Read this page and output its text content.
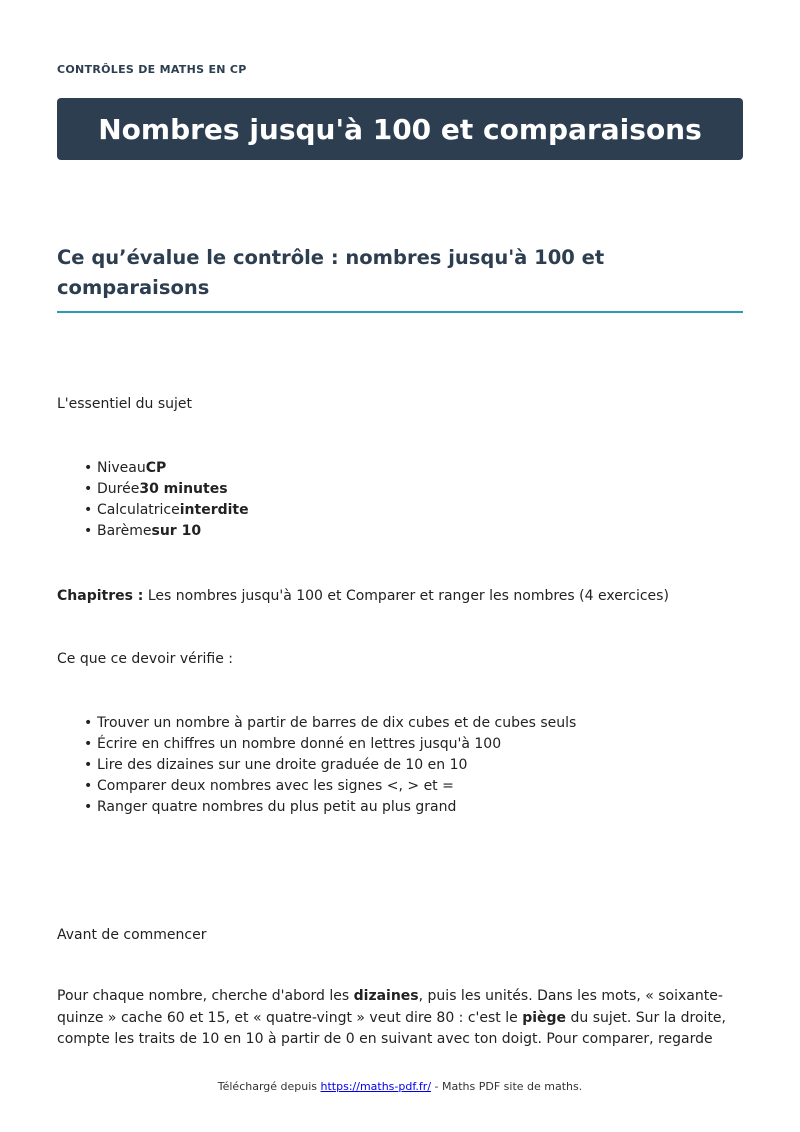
CONTRÔLES DE MATHS EN CP
Nombres jusqu'à 100 et comparaisons
Ce qu’évalue le contrôle : nombres jusqu'à 100 et comparaisons

L'essentiel du sujet

• NiveauCP
• Durée30 minutes
• Calculatriceinterdite
• Barèmesur 10

Chapitres : Les nombres jusqu'à 100 et Comparer et ranger les nombres (4 exercices)

Ce que ce devoir vérifie :

• Trouver un nombre à partir de barres de dix cubes et de cubes seuls
• Écrire en chiffres un nombre donné en lettres jusqu'à 100
• Lire des dizaines sur une droite graduée de 10 en 10
• Comparer deux nombres avec les signes <, > et =
• Ranger quatre nombres du plus petit au plus grand

Avant de commencer

Pour chaque nombre, cherche d'abord les dizaines, puis les unités. Dans les mots, « soixante-quinze » cache 60 et 15, et « quatre-vingt » veut dire 80 : c'est le piège du sujet. Sur la droite, compte les traits de 10 en 10 à partir de 0 en suivant avec ton doigt. Pour comparer, regarde

Téléchargé depuis https://maths-pdf.fr/ - Maths PDF site de maths.
